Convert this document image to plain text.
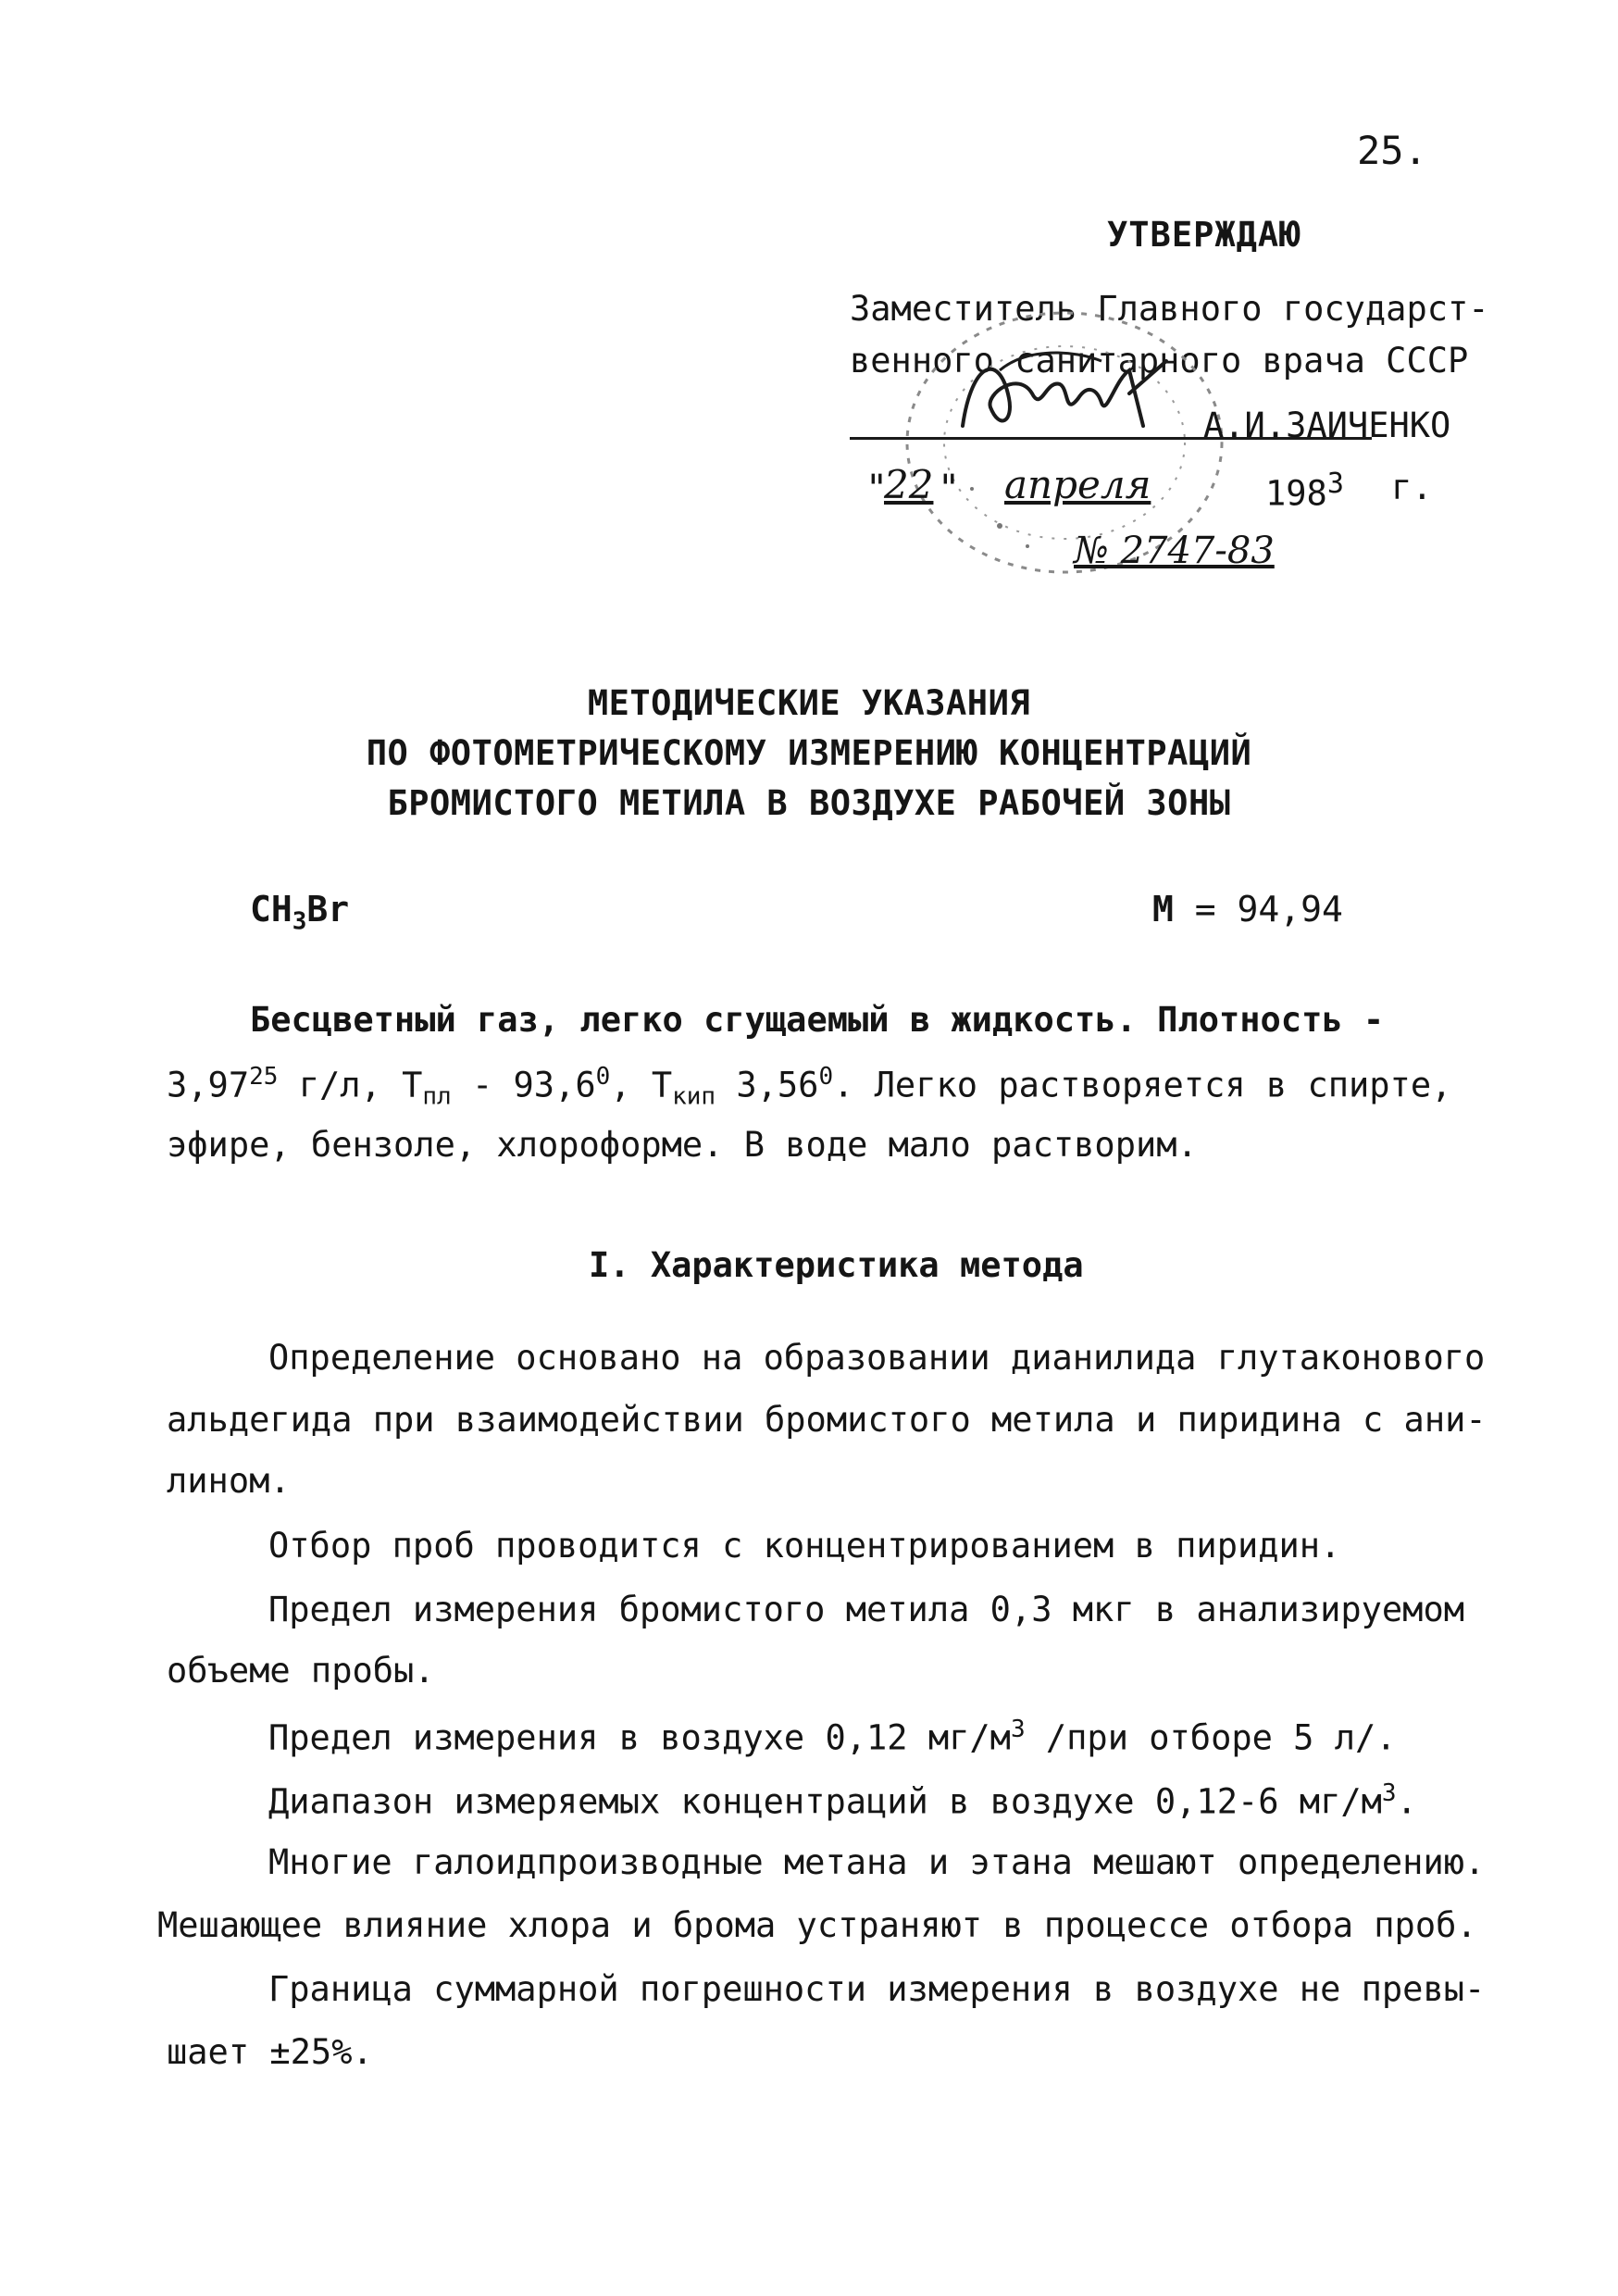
25.
УТВЕРЖДАЮ
Заместитель Главного государст-
венного санитарного врача СССР
А.И.ЗАИЧЕНКО
"
22 " апреля	$198^3$ г.
№ 2747-83
МЕТОДИЧЕСКИЕ УКАЗАНИЯ
ПО ФОТОМЕТРИЧЕСКОМУ ИЗМЕРЕНИЮ КОНЦЕНТРАЦИЙ
БРОМИСТОГО МЕТИЛА В ВОЗДУХЕ РАБОЧЕЙ ЗОНЫ
$CH_3Br$	М = 94,94
Бесцветный газ, легко сгущаемый в жидкость. Плотность -
3,97$^{25}$ г/л, $Т_{пл} - 93,6^0$, $Т_{кип}$ 3,56$^0$. Легко растворяется в спирте,
эфире, бензоле, хлороформе. В воде мало растворим.
I. Характеристика метода
Определение основано на образовании дианилида глутаконового
альдегида при взаимодействии бромистого метила и пиридина с ани-
лином.
Отбор проб проводится с концентрированием в пиридин.
Предел измерения бромистого метила 0,3 мкг в анализируемом
объеме пробы.
Предел измерения в воздухе 0,12 $мг/м^3$ /при отборе 5 л/.
Диапазон измеряемых концентраций в воздухе 0,12-6 $мг/м^3$.
Многие галоидпроизводные метана и этана мешают определению.
Мешающее влияние хлора и брома устраняют в процессе отбора проб.
Граница суммарной погрешности измерения в воздухе не превы-
шает ±25%.
